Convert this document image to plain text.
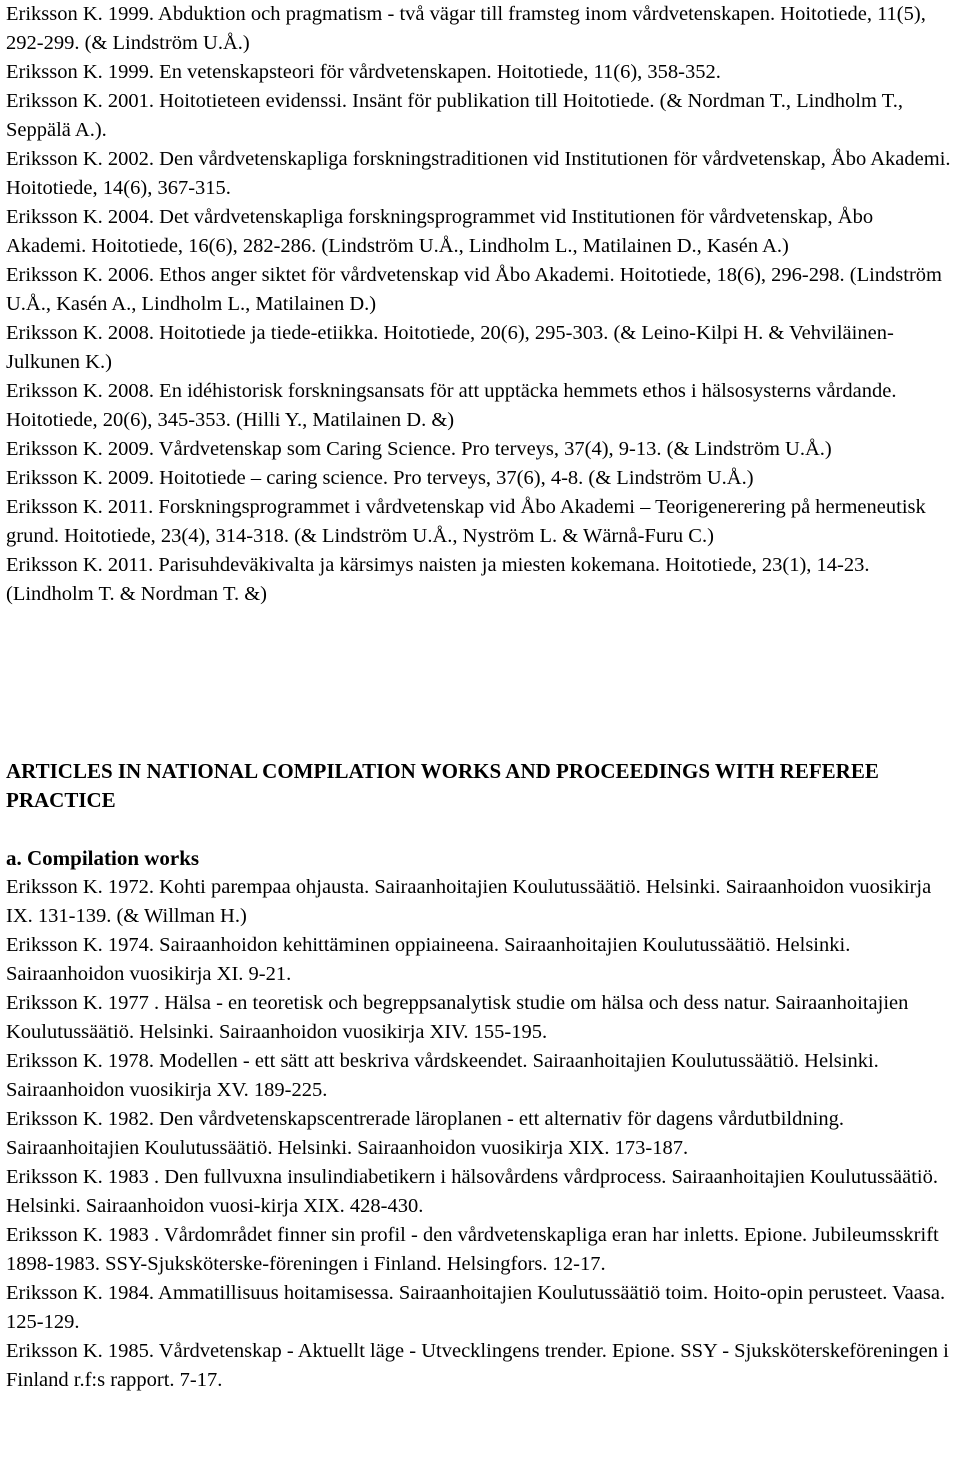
Eriksson K. 1999. Abduktion och pragmatism - två vägar till framsteg inom vårdvetenskapen. Hoitotiede, 11(5), 292-299. (& Lindström U.Å.)

Eriksson K. 1999. En vetenskapsteori för vårdvetenskapen. Hoitotiede, 11(6), 358-352.

Eriksson K. 2001. Hoitotieteen evidenssi. Insänt för publikation till Hoitotiede. (& Nordman T., Lindholm T., Seppälä A.).

Eriksson K. 2002. Den vårdvetenskapliga forskningstraditionen vid Institutionen för vårdvetenskap, Åbo Akademi. Hoitotiede, 14(6), 367-315.

Eriksson K. 2004. Det vårdvetenskapliga forskningsprogrammet vid Institutionen för vårdvetenskap, Åbo Akademi. Hoitotiede, 16(6), 282-286. (Lindström U.Å., Lindholm L., Matilainen D., Kasén A.)

Eriksson K. 2006. Ethos anger siktet för vårdvetenskap vid Åbo Akademi. Hoitotiede, 18(6), 296-298. (Lindström U.Å., Kasén A., Lindholm L., Matilainen D.)

Eriksson K. 2008. Hoitotiede ja tiede-etiikka. Hoitotiede, 20(6), 295-303. (& Leino-Kilpi H. & Vehviläinen-Julkunen K.)

Eriksson K. 2008. En idéhistorisk forskningsansats för att upptäcka hemmets ethos i hälsosysterns vårdande. Hoitotiede, 20(6), 345-353. (Hilli Y., Matilainen D. &)

Eriksson K. 2009. Vårdvetenskap som Caring Science. Pro terveys, 37(4), 9-13. (& Lindström U.Å.)

Eriksson K. 2009. Hoitotiede – caring science. Pro terveys, 37(6), 4-8. (& Lindström U.Å.)

Eriksson K. 2011. Forskningsprogrammet i vårdvetenskap vid Åbo Akademi – Teorigenerering på hermeneutisk grund. Hoitotiede, 23(4), 314-318. (& Lindström U.Å., Nyström L. & Wärnå-Furu C.)

Eriksson K. 2011. Parisuhdeväkivalta ja kärsimys naisten ja miesten kokemana. Hoitotiede, 23(1), 14-23. (Lindholm T. & Nordman T. &)

ARTICLES IN NATIONAL COMPILATION WORKS AND PROCEEDINGS WITH REFEREE PRACTICE
a. Compilation works

Eriksson K. 1972. Kohti parempaa ohjausta. Sairaanhoitajien Koulutussäätiö. Helsinki. Sairaanhoidon vuosikirja IX. 131-139. (& Willman H.)

Eriksson K. 1974. Sairaanhoidon kehittäminen oppiaineena. Sairaanhoitajien Koulutussäätiö. Helsinki. Sairaanhoidon vuosikirja XI. 9-21.

Eriksson K. 1977 . Hälsa - en teoretisk och begreppsanalytisk studie om hälsa och dess natur. Sairaanhoitajien Koulutussäätiö. Helsinki. Sairaanhoidon vuosikirja XIV. 155-195.

Eriksson K. 1978. Modellen - ett sätt att beskriva vårdskeendet. Sairaanhoitajien Koulutussäätiö. Helsinki. Sairaanhoidon vuosikirja XV. 189-225.

Eriksson K. 1982. Den vårdvetenskapscentrerade läroplanen - ett alternativ för dagens vårdutbildning. Sairaanhoitajien Koulutussäätiö. Helsinki. Sairaanhoidon vuosikirja XIX. 173-187.

Eriksson K. 1983 . Den fullvuxna insulindiabetikern i hälsovårdens vårdprocess. Sairaanhoitajien Koulutussäätiö. Helsinki. Sairaanhoidon vuosi-kirja XIX. 428-430.

Eriksson K. 1983 . Vårdområdet finner sin profil - den vårdvetenskapliga eran har inletts. Epione. Jubileumsskrift 1898-1983. SSY-Sjuksköterske-föreningen i Finland. Helsingfors. 12-17.

Eriksson K. 1984. Ammatillisuus hoitamisessa. Sairaanhoitajien Koulutussäätiö toim. Hoito-opin perusteet. Vaasa. 125-129.

Eriksson K. 1985. Vårdvetenskap - Aktuellt läge - Utvecklingens trender. Epione. SSY - Sjuksköterskeföreningen i Finland r.f:s rapport. 7-17.
